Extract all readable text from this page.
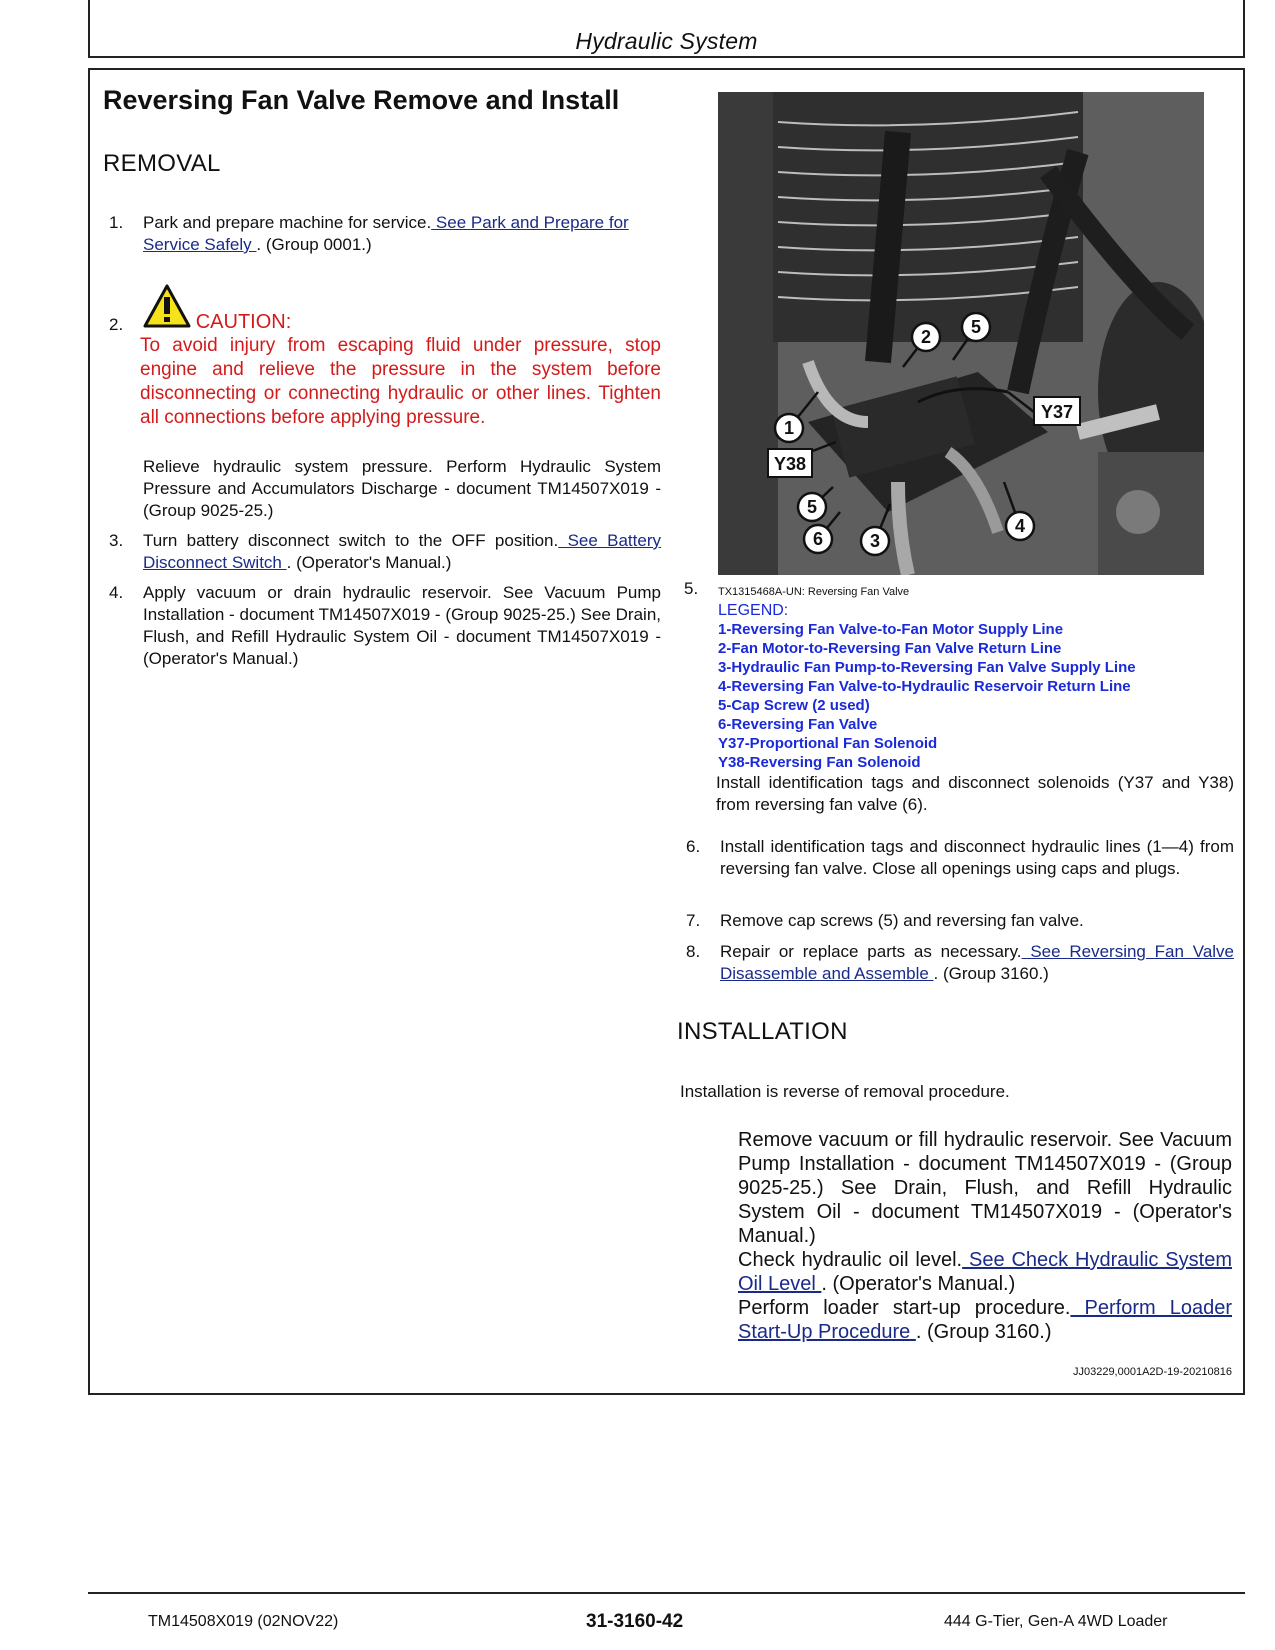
Hydraulic System
Reversing Fan Valve Remove and Install
REMOVAL
1. Park and prepare machine for service. See Park and Prepare for Service Safely . (Group 0001.)
2.	CAUTION:
To avoid injury from escaping fluid under pressure, stop engine and relieve the pressure in the system before disconnecting or connecting hydraulic or other lines. Tighten all connections before applying pressure.
Relieve hydraulic system pressure. Perform Hydraulic System Pressure and Accumulators Discharge - document TM14507X019 - (Group 9025-25.)
3. Turn battery disconnect switch to the OFF position. See Battery Disconnect Switch . (Operator's Manual.)
4. Apply vacuum or drain hydraulic reservoir. See Vacuum Pump Installation - document TM14507X019 - (Group 9025-25.) See Drain, Flush, and Refill Hydraulic System Oil - document TM14507X019 - (Operator's Manual.)
1
2 5
5
6	3
4
Y37
Y38
5. TX1315468A-UN: Reversing Fan Valve
LEGEND:
1-Reversing Fan Valve-to-Fan Motor Supply Line
2-Fan Motor-to-Reversing Fan Valve Return Line
3-Hydraulic Fan Pump-to-Reversing Fan Valve Supply Line
4-Reversing Fan Valve-to-Hydraulic Reservoir Return Line
5-Cap Screw (2 used)
6-Reversing Fan Valve
Y37-Proportional Fan Solenoid
Y38-Reversing Fan Solenoid
Install identification tags and disconnect solenoids (Y37 and Y38) from reversing fan valve (6).
6. Install identification tags and disconnect hydraulic lines (1—4) from reversing fan valve. Close all openings using caps and plugs.
7. Remove cap screws (5) and reversing fan valve.
8. Repair or replace parts as necessary. See Reversing Fan Valve Disassemble and Assemble . (Group 3160.)
INSTALLATION
Installation is reverse of removal procedure.

Remove vacuum or fill hydraulic reservoir. See Vacuum Pump Installation - document TM14507X019 - (Group 9025-25.) See Drain, Flush, and Refill Hydraulic System Oil - document TM14507X019 - (Operator's Manual.)

Check hydraulic oil level. See Check Hydraulic System Oil Level . (Operator's Manual.)

Perform loader start-up procedure. Perform Loader Start-Up Procedure . (Group 3160.)

JJ03229,0001A2D-19-20210816
TM14508X019 (02NOV22)	31-3160-42	444 G-Tier, Gen-A 4WD Loader
